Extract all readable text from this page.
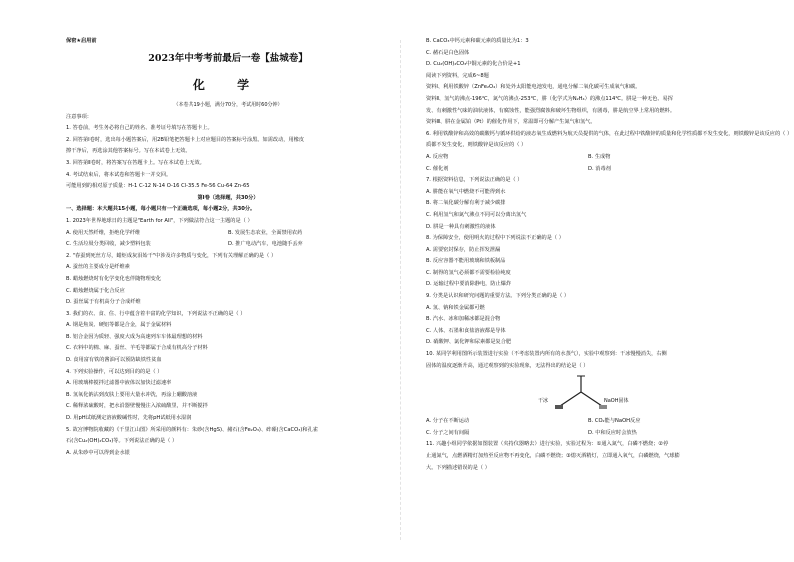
保密★启用前
2023年中考考前最后一卷【盐城卷】
化 学
（本卷共19小题，满分70分，考试用时60分钟）
注意事项：
1. 答卷前，考生务必将自己的姓名、准考证号填写在答题卡上。
2. 回答第Ⅰ卷时，选出每小题答案后，用2B铅笔把答题卡上对应题目的答案标号涂黑。如需改动，用橡皮
擦干净后，再选涂其他答案标号。写在本试卷上无效。
3. 回答第Ⅱ卷时，将答案写在答题卡上。写在本试卷上无效。
4. 考试结束后，将本试卷和答题卡一并交回。
可能用到的相对原子质量：H-1 C-12 N-14 O-16 Cl-35.5 Fe-56 Cu-64 Zn-65
第Ⅰ卷（选择题，共30分）
一、选择题：本大题共15小题，每小题只有一个正确选项，每小题2分，共30分。
1. 2023年世界地球日的主题是"Earth for All"，下列做法符合这一主题的是（ ）
A. 使用天然纤维，拒绝化学纤维	B. 发展生态农业，全面禁用农药
C. 生活垃圾分类回收，减少塑料包装	D. 推广电动汽车，电池随手丢弃
2. "春蚕到死丝方尽，蜡炬成灰泪始干"中涉及许多物质与变化，下列有关理解正确的是（ ）
A. 蚕丝的主要成分是纤维素
B. 蜡烛燃烧时有化学变化也伴随物理变化
C. 蜡烛燃烧属于化合反应
D. 蚕丝属于有机高分子合成纤维
3. 我们的衣、食、住、行中蕴含着丰富的化学知识，下列说法不正确的是（ ）
A. 钢是焦炭、硬铝等都是合金，属于金属材料
B. 铝合金因为质轻、强度大成为高速列车车体最理想的材料
C. 衣料中的棉、麻、蚕丝、羊毛等都属于合成有机高分子材料
D. 食用富有铁的酱油可以预防缺铁性贫血
4. 下列实验操作，可以达到目的的是（ ）
A. 用玻璃棒搅拌过滤器中液体以加快过滤速率
B. 氢氧化钠沾到皮肤上要用大量水冲洗，再涂上硼酸溶液
C. 稀释浓硫酸时，把水沿器壁慢慢注入浓硫酸里，并不断搅拌
D. 用pH试纸测定溶液酸碱性时，先将pH试纸用水湿润
5. 故宫博物院收藏的《千里江山图》所采用的颜料有：朱砂(含HgS)、赭石(含Fe₂O₃)、砗磲(含CaCO₃)和孔雀
石(含Cu₂(OH)₂CO₃)等。下列说法正确的是（ ）
A. 从朱砂中可以得到金水银
B. CaCO₃中钙元素和碳元素的质量比为1：3
C. 赭石是白色固体
D. Cu₂(OH)₂CO₃中铜元素的化合价是+1
阅读下列资料，完成6~8题
资料Ⅰ、利用铁酸锌（ZnFe₂O₄）和处外太阳能电池发电，通电分解二氧化碳可生成氧气和碳。
资料Ⅱ、氢气的沸点-196℃，氮气的沸点-253℃，肼（化学式为N₂H₄）的沸点114℃。肼是一种无色、易挥
发、有刺激性气味的油状液体，有腐蚀性，能强烈腐蚀和破坏生物组织，有剧毒，肼是航空界上常用的燃料。
资料Ⅲ、肼在金属铂（Pt）的催化作用下，常温即可分解产生氮气和氢气。
6. 利用铁酸锌和高效的碳酸钙与循环供给的液态氧生成燃料为航天员提供的气体，在此过程中铁酸锌的质量和化学性质都不发生变化，则铁酸锌是该反应的（ ）
质都不发生变化，则铁酸锌是该反应的（ ）
A. 反应物	B. 生成物
C. 催化剂	D. 消毒剂
7. 根据资料信息，下列说法正确的是（ ）
A. 肼能在氧气中燃烧不可能得到水
B. 将二氧化碳分解有利于减少碳排
C. 利用氢气和氮气沸点不同可以分离出氢气
D. 肼是一种具有刺激性的液体
8. 为保障安全，使用明火的过程中下列说法不正确的是（ ）
A. 需要密封保存，防止挥发泄漏
B. 反应容器不能用玻璃和铁板制品
C. 制得的氢气必须都不需要检验纯度
D. 运输过程中要消除静电，防止爆炸
9. 分类是认识和研究问题的重要方法。下列分类正确的是（ ）
A. 氢、钠和铁金属都可燃
B. 汽水、冰和加稀冰都是混合物
C. 人体、石墨和食盐溶液都是导体
D. 硝酸钾、氯化钾和尿素都是复合肥
10. 某同学利用图所示装置进行实验（不考虑装置内所有的水蒸气），实验中观察到：干冰慢慢消失，右侧
固体的温度逐渐升高，通过观察到的实验现象，无法得出的结论是（ ）
干冰	NaOH固体
A. 分子在不断运动	B. CO₂能与NaOH反应
C. 分子之间有间隔	D. 中和反应时会放热
11. 兴趣小组同学依据如图装置（夹持仪器略去）进行实验，实验过程为：①通入氮气，白磷不燃烧；②停
止通氮气，点燃酒精灯加热至反应物不再变化，白磷不燃烧；③熄灭酒精灯，立即通入氧气，白磷燃烧，气球膨
大。下列描述错误的是（ ）
